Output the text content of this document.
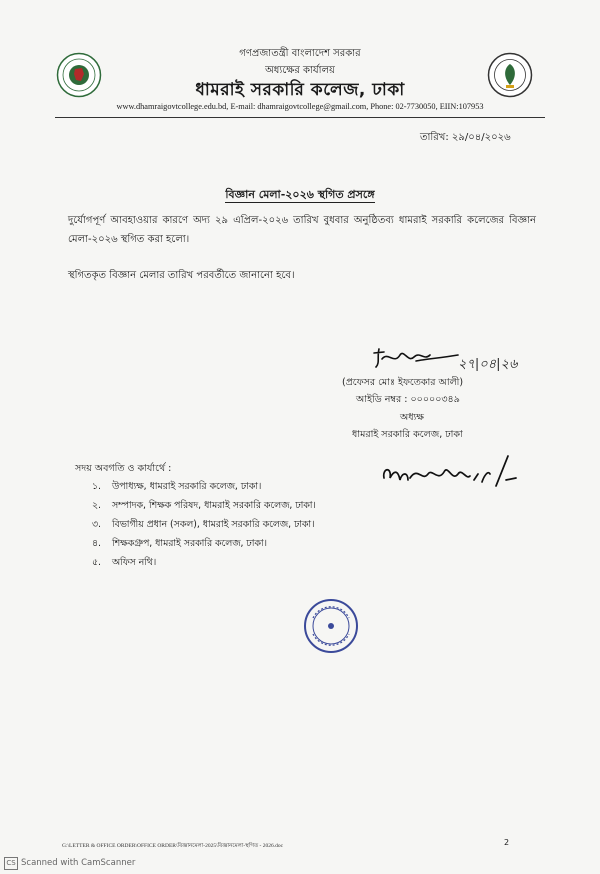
গণপ্রজাতন্ত্রী বাংলাদেশ সরকার
অধ্যক্ষের কার্যালয়
ধামরাই সরকারি কলেজ, ঢাকা
www.dhamraigovtcollege.edu.bd, E-mail: dhamraigovtcollege@gmail.com, Phone: 02-7730050, EIIN:107953
তারিখ: ২৯/০৪/২০২৬
বিজ্ঞান মেলা-২০২৬ স্থগিত প্রসঙ্গে
দুর্যোগপূর্ণ আবহাওয়ার কারণে অদ্য ২৯ এপ্রিল-২০২৬ তারিখ বুধবার অনুষ্ঠিতব্য ধামরাই সরকারি কলেজের বিজ্ঞান মেলা-২০২৬ স্থগিত করা হলো।
স্থগিতকৃত বিজ্ঞান মেলার তারিখ পরবর্তীতে জানানো হবে।
২৭|০৪|২৬
(প্রফেসর মোঃ ইফতেকার আলী)
আইডি নম্বর : ০০০০০৩৪৯
অধ্যক্ষ
ধামরাই সরকারি কলেজ, ঢাকা
সদয় অবগতি ও কার্যার্থে :
১. উপাধ্যক্ষ, ধামরাই সরকারি কলেজ, ঢাকা।
২. সম্পাদক, শিক্ষক পরিষদ, ধামরাই সরকারি কলেজ, ঢাকা।
৩. বিভাগীয় প্রধান (সকল), ধামরাই সরকারি কলেজ, ঢাকা।
৪. শিক্ষকগ্রুপ, ধামরাই সরকারি কলেজ, ঢাকা।
৫. অফিস নথি।
G:\LETTER & OFFICE ORDER\OFFICE ORDER\বিজ্ঞানমেলা-2025\বিজ্ঞানমেলা-স্থগিত - 2026.doc	2
CS Scanned with CamScanner
